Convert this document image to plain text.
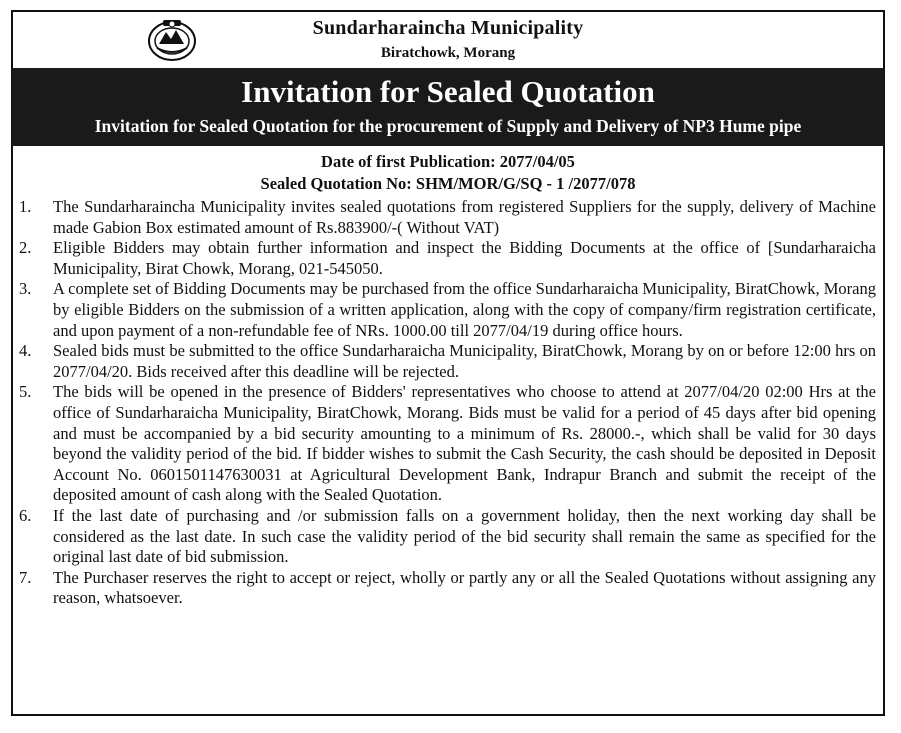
Sundarharaincha Municipality
Biratchowk, Morang
Invitation for Sealed Quotation
Invitation for Sealed Quotation for the procurement of Supply and Delivery of NP3 Hume pipe
Date of first Publication: 2077/04/05
Sealed Quotation No: SHM/MOR/G/SQ - 1 /2077/078
1.	The Sundarharaincha Municipality invites sealed quotations from registered Suppliers for the supply, delivery of Machine made Gabion Box estimated amount of Rs.883900/-( Without VAT)
2.	Eligible Bidders may obtain further information and inspect the Bidding Documents at the office of [Sundarharaicha Municipality, Birat Chowk, Morang, 021-545050.
3.	A complete set of Bidding Documents may be purchased from the office Sundarharaicha Municipality, BiratChowk, Morang by eligible Bidders on the submission of a written application, along with the copy of company/firm registration certificate, and upon payment of a non-refundable fee of NRs. 1000.00 till 2077/04/19 during office hours.
4.	Sealed bids must be submitted to the office Sundarharaicha Municipality, BiratChowk, Morang by on or before 12:00 hrs on 2077/04/20. Bids received after this deadline will be rejected.
5.	The bids will be opened in the presence of Bidders' representatives who choose to attend at 2077/04/20 02:00 Hrs at the office of Sundarharaicha Municipality, BiratChowk, Morang. Bids must be valid for a period of 45 days after bid opening and must be accompanied by a bid security amounting to a minimum of Rs. 28000.-, which shall be valid for 30 days beyond the validity period of the bid. If bidder wishes to submit the Cash Security, the cash should be deposited in Deposit Account No. 0601501147630031 at Agricultural Development Bank, Indrapur Branch and submit the receipt of the deposited amount of cash along with the Sealed Quotation.
6.	If the last date of purchasing and /or submission falls on a government holiday, then the next working day shall be considered as the last date. In such case the validity period of the bid security shall remain the same as specified for the original last date of bid submission.
7.	The Purchaser reserves the right to accept or reject, wholly or partly any or all the Sealed Quotations without assigning any reason, whatsoever.
